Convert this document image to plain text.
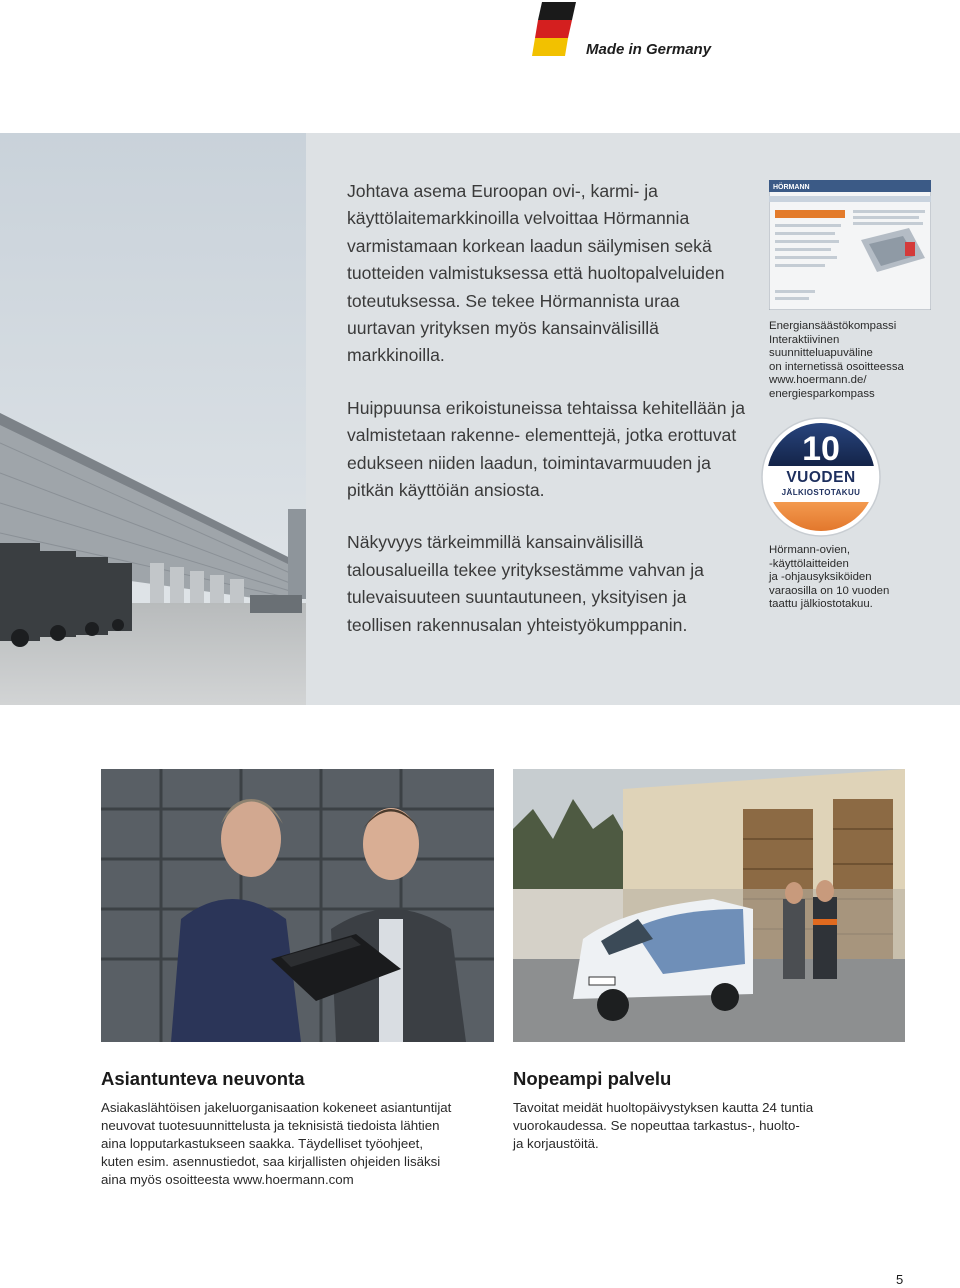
Made in Germany

Johtava asema Euroopan ovi-, karmi- ja käyttölaitemarkkinoilla velvoittaa Hörmannia varmistamaan korkean laadun säilymisen sekä tuotteiden valmistuksessa että huoltopalveluiden toteutuksessa. Se tekee Hörmannista uraa uurtavan yrityksen myös kansainvälisillä markkinoilla.

Huippuunsa erikoistuneissa tehtaissa kehitellään ja valmistetaan rakenne- elementtejä, jotka erottuvat edukseen niiden laadun, toimintavarmuuden ja pitkän käyttöiän ansiosta.

Näkyvyys tärkeimmillä kansainvälisillä talousalueilla tekee yrityksestämme vahvan ja tulevaisuuteen suuntautuneen, yksityisen ja teollisen rakennusalan yhteistyökumppanin.

HÖRMANN
Energiansäästökompassi
Interaktiivinen
suunnitteluapuväline
on internetissä osoitteessa
www.hoermann.de/
energiesparkompass
10
VUODEN
JÄLKIOSTOTAKUU
Hörmann-ovien,
-käyttölaitteiden
ja -ohjausyksiköiden
varaosilla on 10 vuoden
taattu jälkiostotakuu.
Asiantunteva neuvonta
Asiakaslähtöisen jakeluorganisaation kokeneet asiantuntijat
neuvovat tuotesuunnittelusta ja teknisistä tiedoista lähtien
aina lopputarkastukseen saakka. Täydelliset työohjeet,
kuten esim. asennustiedot, saa kirjallisten ohjeiden lisäksi
aina myös osoitteesta www.hoermann.com
Nopeampi palvelu
Tavoitat meidät huoltopäivystyksen kautta 24 tuntia
vuorokaudessa. Se nopeuttaa tarkastus-, huolto-
ja korjaustöitä.
5
